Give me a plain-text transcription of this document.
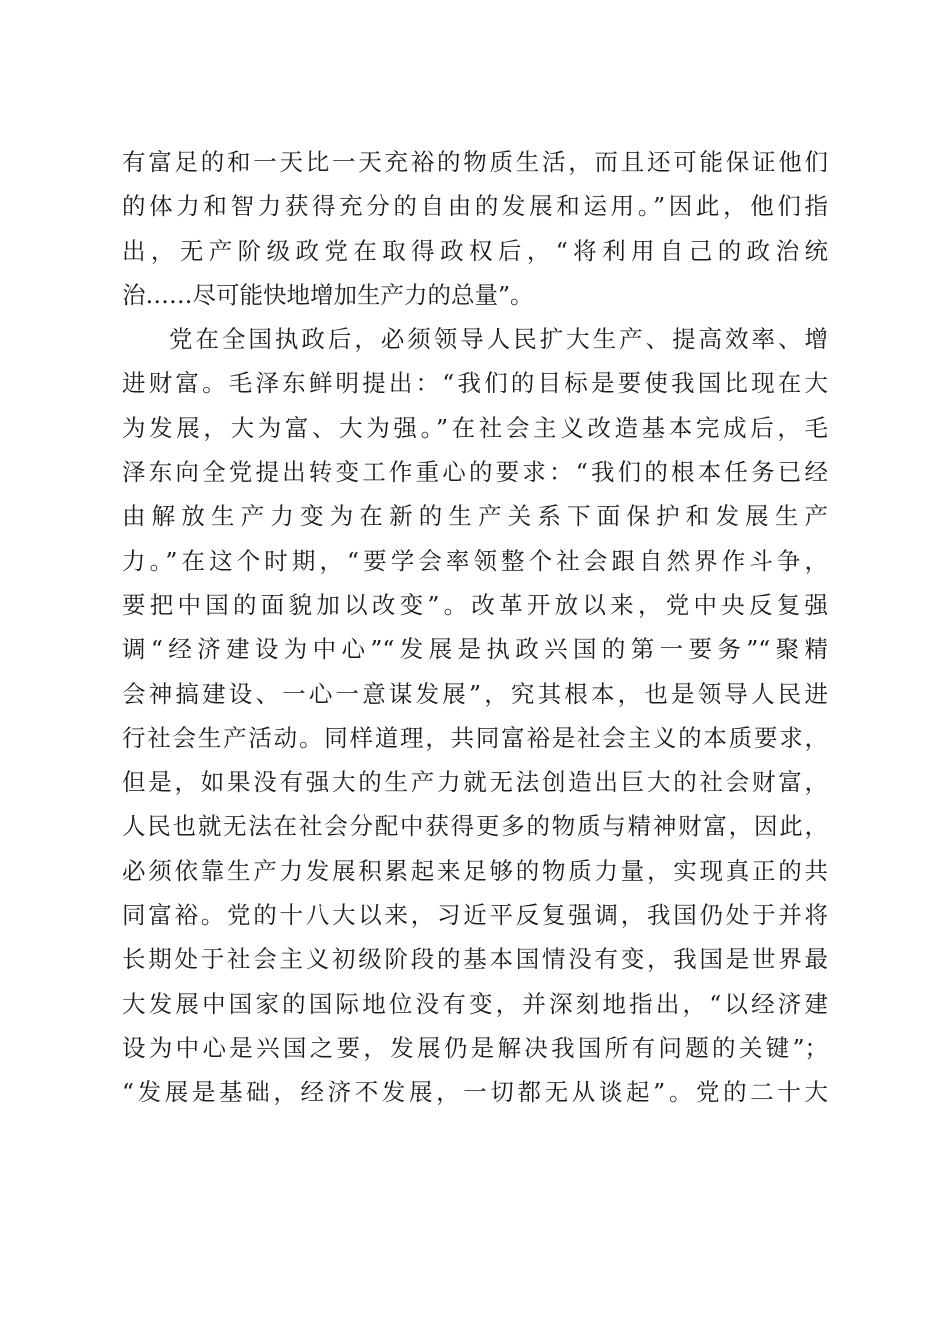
有富足的和一天比一天充裕的物质生活，而且还可能保证他们
的体力和智力获得充分的自由的发展和运用。”因此，他们指
出，无产阶级政党在取得政权后，“将利用自己的政治统
治……尽可能快地增加生产力的总量”。
党在全国执政后，必须领导人民扩大生产、提高效率、增
进财富。毛泽东鲜明提出：“我们的目标是要使我国比现在大
为发展，大为富、大为强。”在社会主义改造基本完成后，毛
泽东向全党提出转变工作重心的要求：“我们的根本任务已经
由解放生产力变为在新的生产关系下面保护和发展生产
力。”在这个时期，“要学会率领整个社会跟自然界作斗争，
要把中国的面貌加以改变”。改革开放以来，党中央反复强
调“经济建设为中心”“发展是执政兴国的第一要务”“聚精
会神搞建设、一心一意谋发展”，究其根本，也是领导人民进
行社会生产活动。同样道理，共同富裕是社会主义的本质要求，
但是，如果没有强大的生产力就无法创造出巨大的社会财富，
人民也就无法在社会分配中获得更多的物质与精神财富，因此，
必须依靠生产力发展积累起来足够的物质力量，实现真正的共
同富裕。党的十八大以来，习近平反复强调，我国仍处于并将
长期处于社会主义初级阶段的基本国情没有变，我国是世界最
大发展中国家的国际地位没有变，并深刻地指出，“以经济建
设为中心是兴国之要，发展仍是解决我国所有问题的关键”；
“发展是基础，经济不发展，一切都无从谈起”。党的二十大
